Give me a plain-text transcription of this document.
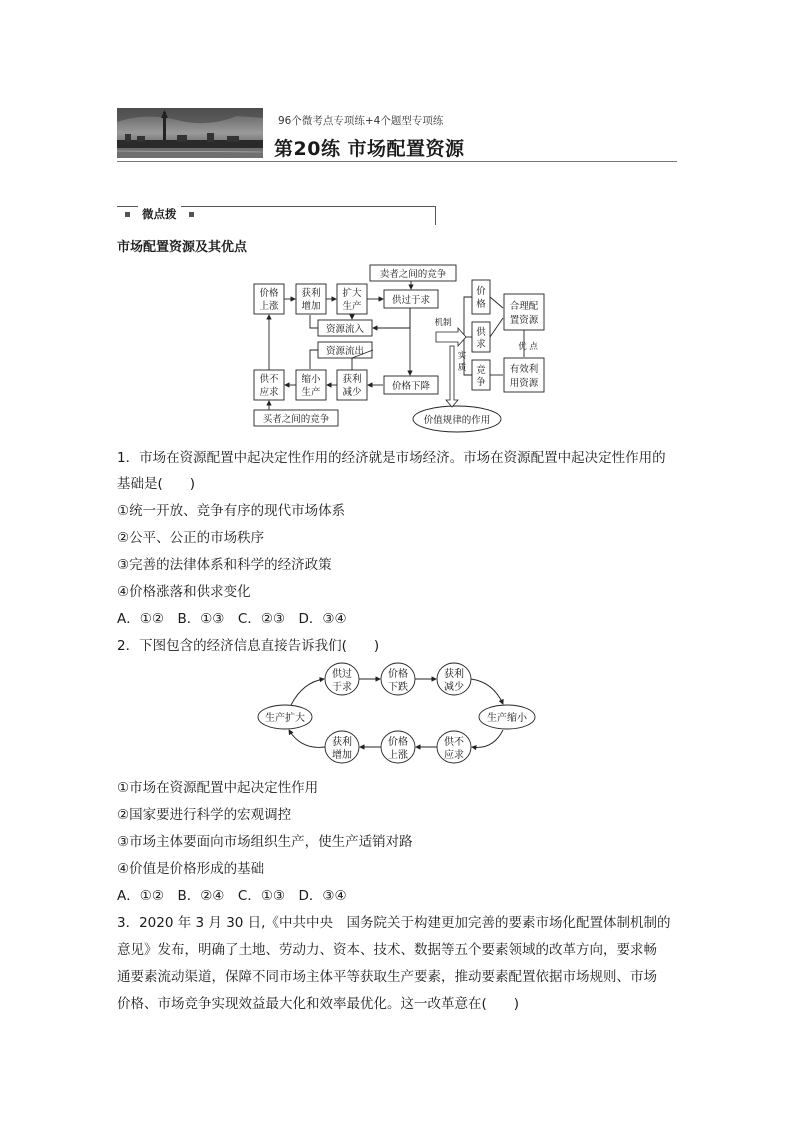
96个微考点专项练+4个题型专项练
第20练 市场配置资源
微点拨
市场配置资源及其优点
卖者之间的竞争
价格
上涨
获利
增加
扩大
生产
供过于求
资源流入
资源流出
供不
应求
缩小
生产
获利
减少
价格下降
买者之间的竞争
价
格
供
求
竞
争
合理配
置资源
有效利
用资源
优 点
机制
实
质
价值规律的作用
1．市场在资源配置中起决定性作用的经济就是市场经济。市场在资源配置中起决定性作用的
基础是(　　)
①统一开放、竞争有序的现代市场体系
②公平、公正的市场秩序
③完善的法律体系和科学的经济政策
④价格涨落和供求变化
A．①②　B．①③　C．②③　D．③④
2．下图包含的经济信息直接告诉我们(　　)
生产扩大	生产缩小
供过
于求
价格
下跌
获利
减少
供不
应求
价格
上涨
获利
增加
①市场在资源配置中起决定性作用
②国家要进行科学的宏观调控
③市场主体要面向市场组织生产，使生产适销对路
④价值是价格形成的基础
A．①②　B．②④　C．①③　D．③④
3．2020 年 3 月 30 日,《中共中央　国务院关于构建更加完善的要素市场化配置体制机制的
意见》发布，明确了土地、劳动力、资本、技术、数据等五个要素领域的改革方向，要求畅
通要素流动渠道，保障不同市场主体平等获取生产要素，推动要素配置依据市场规则、市场
价格、市场竞争实现效益最大化和效率最优化。这一改革意在(　　)
